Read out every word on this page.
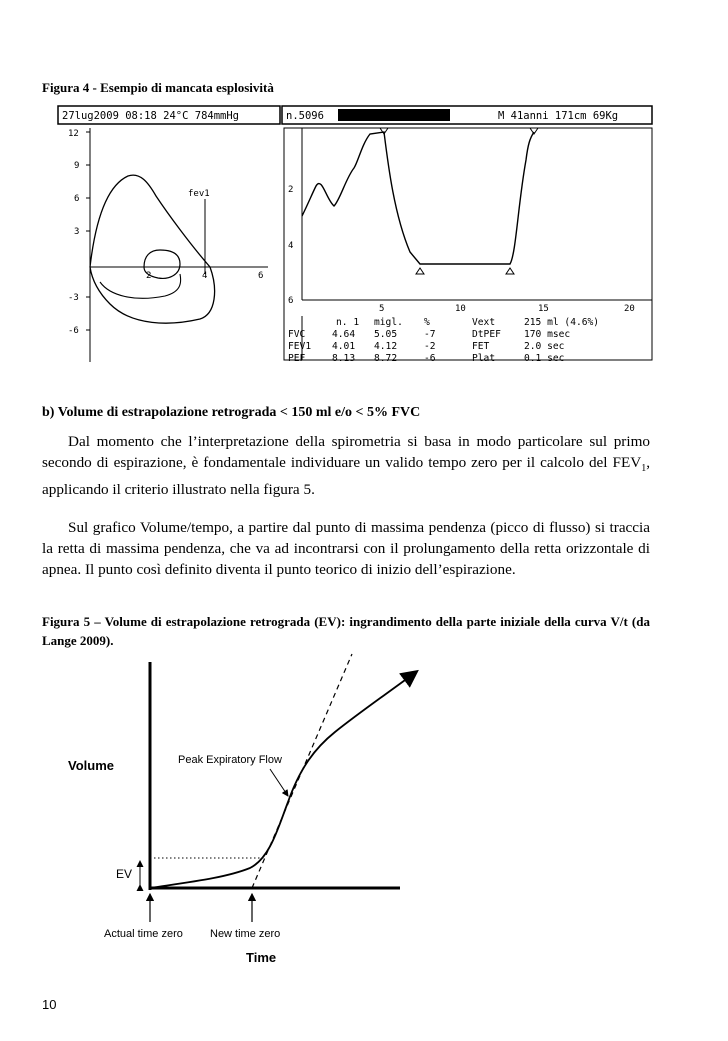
Figura 4 - Esempio di mancata esplosività
27lug2009 08:18 24°C 784mmHg	n.5096	M 41anni 171cm 69Kg
12
9
6
3
-3
-6
2	4	6
fev1	2
4
6
5	10	15	20
n. 1 migl. %	Vext	215 ml (4.6%)
FVC	4.64 5.05	-7	DtPEF 170 msec
FEV1 4.01 4.12	-2	FET	2.0 sec
PEF	8.13 8.72	-6	Plat	0.1 sec
b) Volume di estrapolazione retrograda < 150 ml e/o < 5% FVC
Dal momento che l’interpretazione della spirometria si basa in modo particolare sul primo secondo di espirazione, è fondamentale individuare un valido tempo zero per il calcolo del $FEV_1$, applicando il criterio illustrato nella figura 5.
Sul grafico Volume/tempo, a partire dal punto di massima pendenza (picco di flusso) si traccia la retta di massima pendenza, che va ad incontrarsi con il prolungamento della retta orizzontale di apnea. Il punto così definito diventa il punto teorico di inizio dell’espirazione.
Figura 5 – Volume di estrapolazione retrograda (EV): ingrandimento della parte iniziale della curva V/t (da Lange 2009).
Volume
Time
Peak Expiratory Flow
EV
Actual time zero New time zero
10
